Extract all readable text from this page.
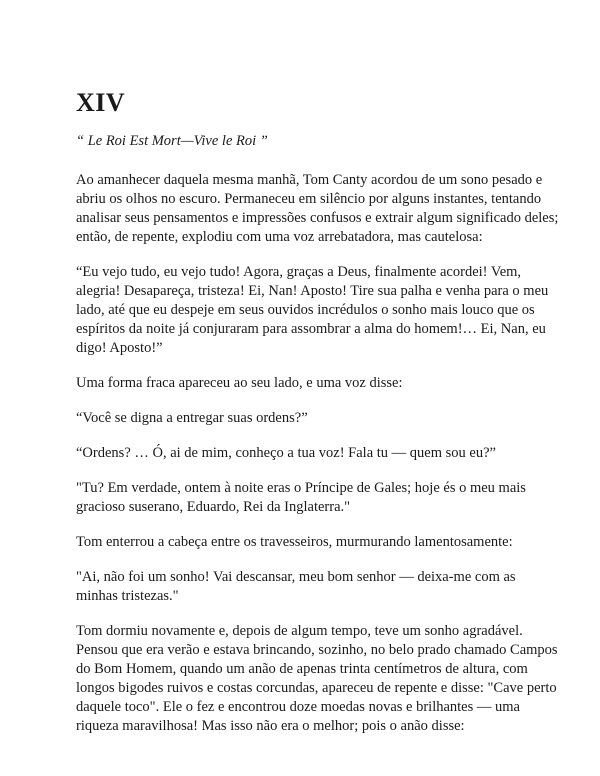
XIV

“ Le Roi Est Mort—Vive le Roi ”

Ao amanhecer daquela mesma manhã, Tom Canty acordou de um sono pesado e abriu os olhos no escuro. Permaneceu em silêncio por alguns instantes, tentando analisar seus pensamentos e impressões confusos e extrair algum significado deles; então, de repente, explodiu com uma voz arrebatadora, mas cautelosa:

“Eu vejo tudo, eu vejo tudo! Agora, graças a Deus, finalmente acordei! Vem, alegria! Desapareça, tristeza! Ei, Nan! Aposto! Tire sua palha e venha para o meu lado, até que eu despeje em seus ouvidos incrédulos o sonho mais louco que os espíritos da noite já conjuraram para assombrar a alma do homem!… Ei, Nan, eu digo! Aposto!”

Uma forma fraca apareceu ao seu lado, e uma voz disse:

“Você se digna a entregar suas ordens?”

“Ordens? … Ó, ai de mim, conheço a tua voz! Fala tu — quem sou eu?”

"Tu? Em verdade, ontem à noite eras o Príncipe de Gales; hoje és o meu mais gracioso suserano, Eduardo, Rei da Inglaterra."

Tom enterrou a cabeça entre os travesseiros, murmurando lamentosamente:

"Ai, não foi um sonho! Vai descansar, meu bom senhor — deixa-me com as minhas tristezas."

Tom dormiu novamente e, depois de algum tempo, teve um sonho agradável. Pensou que era verão e estava brincando, sozinho, no belo prado chamado Campos do Bom Homem, quando um anão de apenas trinta centímetros de altura, com longos bigodes ruivos e costas corcundas, apareceu de repente e disse: "Cave perto daquele toco". Ele o fez e encontrou doze moedas novas e brilhantes — uma riqueza maravilhosa! Mas isso não era o melhor; pois o anão disse:
